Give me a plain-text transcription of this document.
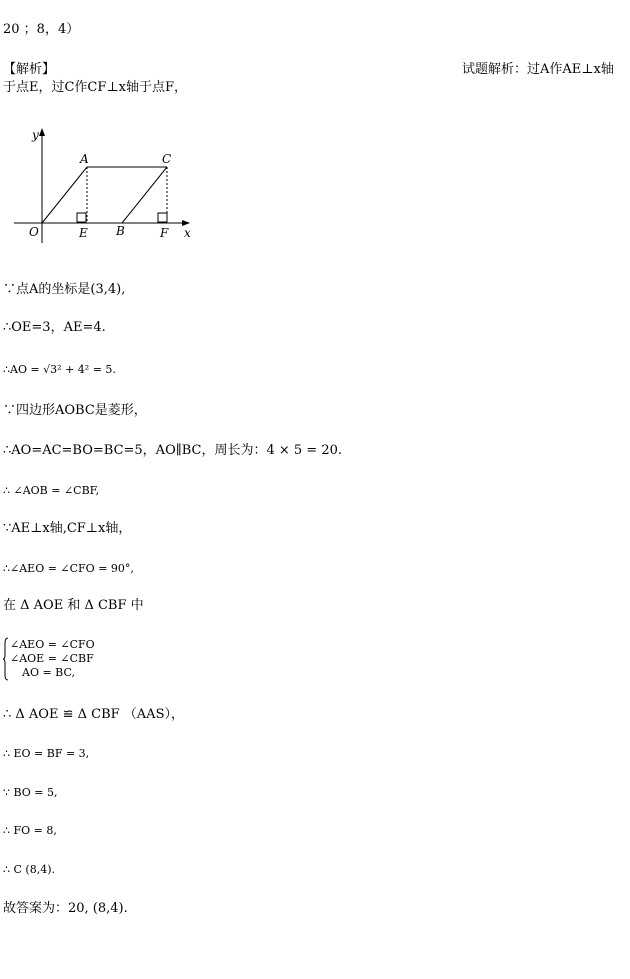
20 ；8，4）
【解析】	试题解析：过A作AE⊥x轴
于点E，过C作CF⊥x轴于点F，
y
x
O
A	C
E B	F
∵点A的坐标是(3,4),
∴OE=3，AE=4.
∴AO = √3² + 4² = 5.
∵四边形AOBC是菱形，
∴AO=AC=BO=BC=5，AO∥BC，周长为：4 × 5 = 20.
∴ ∠AOB = ∠CBF,
∵AE⊥x轴,CF⊥x轴，
∴∠AEO = ∠CFO = 90°,
在 Δ AOE 和 Δ CBF 中
∠AEO = ∠CFO
∠AOE = ∠CBF
AO = BC,
∴ Δ AOE ≌ Δ CBF （AAS），
∴ EO = BF = 3,
∵ BO = 5,
∴ FO = 8,
∴ C (8,4).
故答案为：20, (8,4).
